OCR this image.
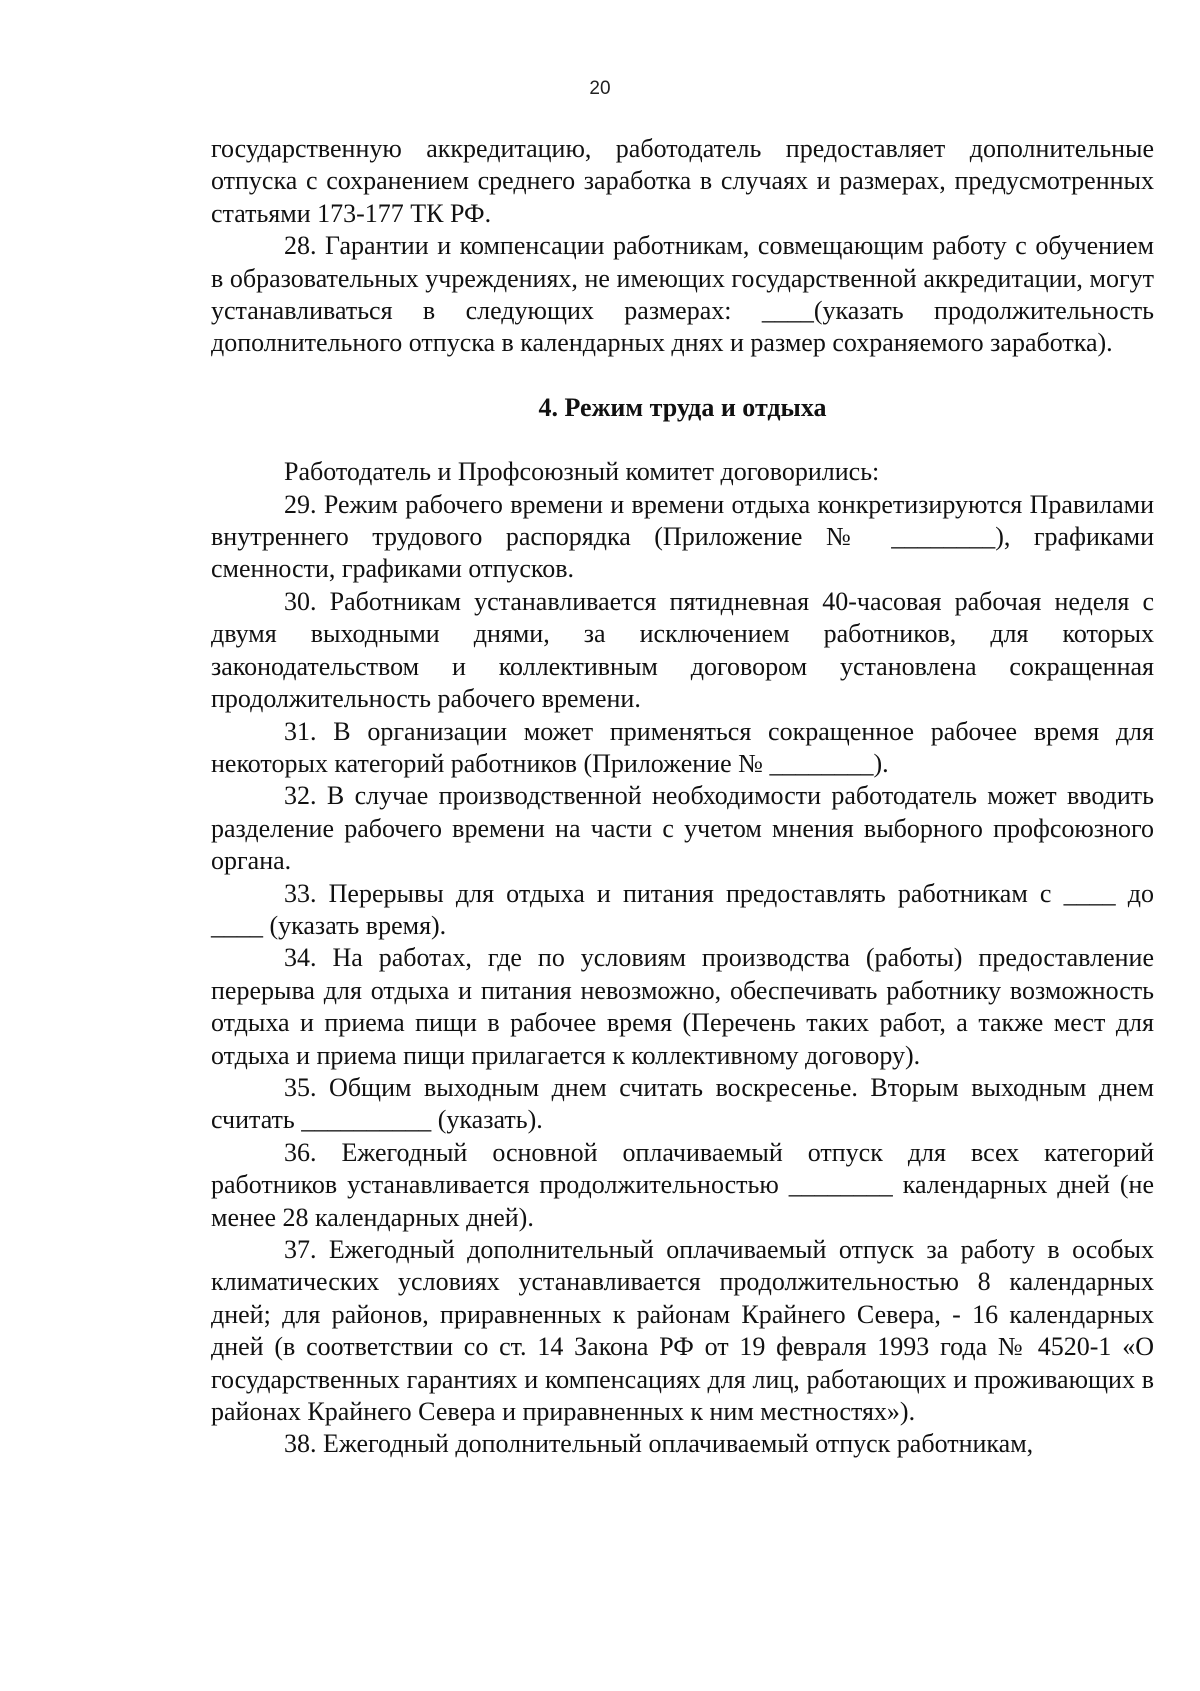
20

государственную аккредитацию, работодатель предоставляет дополнительные отпуска с сохранением среднего заработка в случаях и размерах, предусмотренных статьями 173-177 ТК РФ.

28. Гарантии и компенсации работникам, совмещающим работу с обучением в образовательных учреждениях, не имеющих государственной аккредитации, могут устанавливаться в следующих размерах: ____(указать продолжительность дополнительного отпуска в календарных днях и размер сохраняемого заработка).

4. Режим труда и отдыха

Работодатель и Профсоюзный комитет договорились:

29. Режим рабочего времени и времени отдыха конкретизируются Правилами внутреннего трудового распорядка (Приложение № ________), графиками сменности, графиками отпусков.

30. Работникам устанавливается пятидневная 40-часовая рабочая неделя с двумя выходными днями, за исключением работников, для которых законодательством и коллективным договором установлена сокращенная продолжительность рабочего времени.

31. В организации может применяться сокращенное рабочее время для некоторых категорий работников (Приложение № ________).

32. В случае производственной необходимости работодатель может вводить разделение рабочего времени на части с учетом мнения выборного профсоюзного органа.

33. Перерывы для отдыха и питания предоставлять работникам с ____ до ____ (указать время).

34. На работах, где по условиям производства (работы) предоставление перерыва для отдыха и питания невозможно, обеспечивать работнику возможность отдыха и приема пищи в рабочее время (Перечень таких работ, а также мест для отдыха и приема пищи прилагается к коллективному договору).

35. Общим выходным днем считать воскресенье. Вторым выходным днем считать __________ (указать).

36. Ежегодный основной оплачиваемый отпуск для всех категорий работников устанавливается продолжительностью ________ календарных дней (не менее 28 календарных дней).

37. Ежегодный дополнительный оплачиваемый отпуск за работу в особых климатических условиях устанавливается продолжительностью 8 календарных дней; для районов, приравненных к районам Крайнего Севера, - 16 календарных дней (в соответствии со ст. 14 Закона РФ от 19 февраля 1993 года № 4520-1 «О государственных гарантиях и компенсациях для лиц, работающих и проживающих в районах Крайнего Севера и приравненных к ним местностях»).

38. Ежегодный дополнительный оплачиваемый отпуск работникам,
